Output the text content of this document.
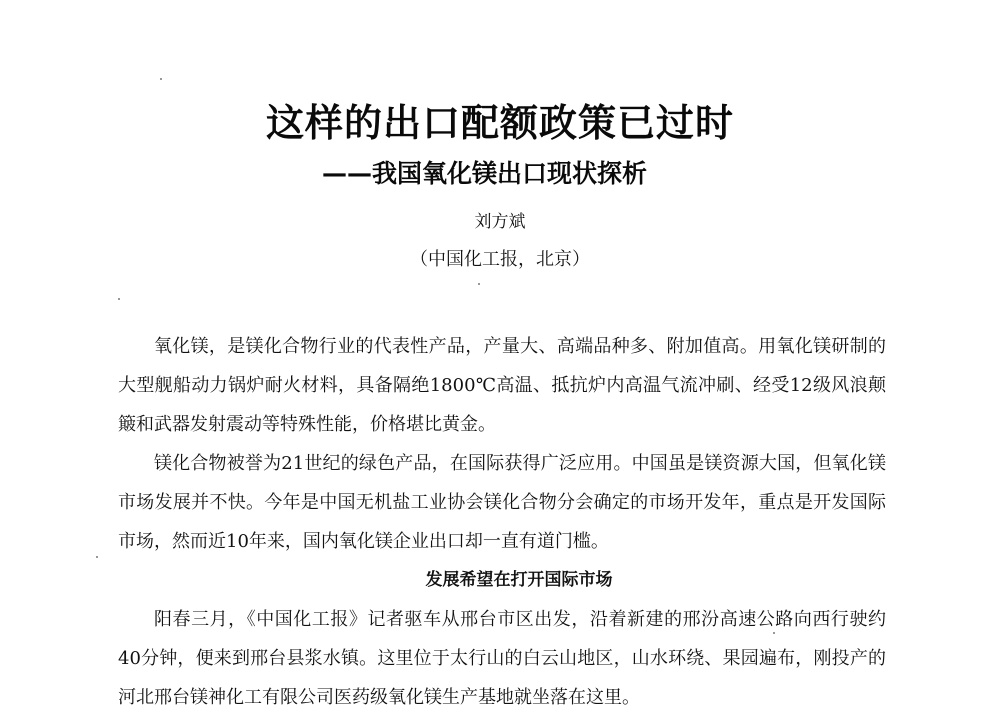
这样的出口配额政策已过时
——我国氧化镁出口现状探析
刘方斌
（中国化工报，北京）

氧化镁，是镁化合物行业的代表性产品，产量大、高端品种多、附加值高。用氧化镁研制的大型舰船动力锅炉耐火材料，具备隔绝1800℃高温、抵抗炉内高温气流冲刷、经受12级风浪颠簸和武器发射震动等特殊性能，价格堪比黄金。

镁化合物被誉为21世纪的绿色产品，在国际获得广泛应用。中国虽是镁资源大国，但氧化镁市场发展并不快。今年是中国无机盐工业协会镁化合物分会确定的市场开发年，重点是开发国际市场，然而近10年来，国内氧化镁企业出口却一直有道门槛。

发展希望在打开国际市场

阳春三月，《中国化工报》记者驱车从邢台市区出发，沿着新建的邢汾高速公路向西行驶约40分钟，便来到邢台县浆水镇。这里位于太行山的白云山地区，山水环绕、果园遍布，刚投产的河北邢台镁神化工有限公司医药级氧化镁生产基地就坐落在这里。
